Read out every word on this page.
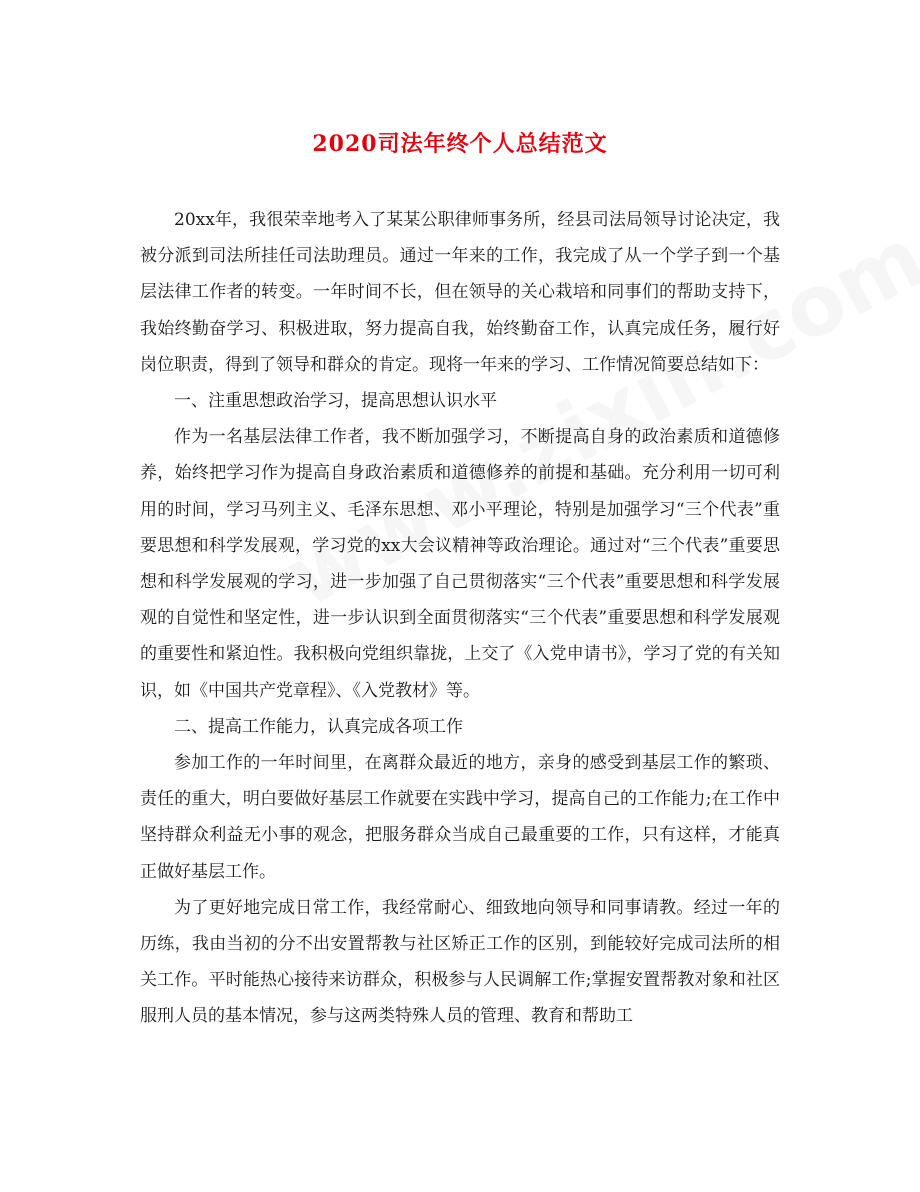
2020司法年终个人总结范文

20xx年，我很荣幸地考入了某某公职律师事务所，经县司法局领导讨论决定，我被分派到司法所挂任司法助理员。通过一年来的工作，我完成了从一个学子到一个基层法律工作者的转变。一年时间不长，但在领导的关心栽培和同事们的帮助支持下，我始终勤奋学习、积极进取，努力提高自我，始终勤奋工作，认真完成任务，履行好岗位职责，得到了领导和群众的肯定。现将一年来的学习、工作情况简要总结如下：

一、注重思想政治学习，提高思想认识水平

作为一名基层法律工作者，我不断加强学习，不断提高自身的政治素质和道德修养，始终把学习作为提高自身政治素质和道德修养的前提和基础。充分利用一切可利用的时间，学习马列主义、毛泽东思想、邓小平理论，特别是加强学习“三个代表”重要思想和科学发展观，学习党的xx大会议精神等政治理论。通过对“三个代表”重要思想和科学发展观的学习，进一步加强了自己贯彻落实“三个代表”重要思想和科学发展观的自觉性和坚定性，进一步认识到全面贯彻落实“三个代表”重要思想和科学发展观的重要性和紧迫性。我积极向党组织靠拢，上交了《入党申请书》，学习了党的有关知识，如《中国共产党章程》、《入党教材》等。

二、提高工作能力，认真完成各项工作

参加工作的一年时间里，在离群众最近的地方，亲身的感受到基层工作的繁琐、责任的重大，明白要做好基层工作就要在实践中学习，提高自己的工作能力;在工作中坚持群众利益无小事的观念，把服务群众当成自己最重要的工作，只有这样，才能真正做好基层工作。

为了更好地完成日常工作，我经常耐心、细致地向领导和同事请教。经过一年的历练，我由当初的分不出安置帮教与社区矫正工作的区别，到能较好完成司法所的相关工作。平时能热心接待来访群众，积极参与人民调解工作;掌握安置帮教对象和社区服刑人员的基本情况，参与这两类特殊人员的管理、教育和帮助工
